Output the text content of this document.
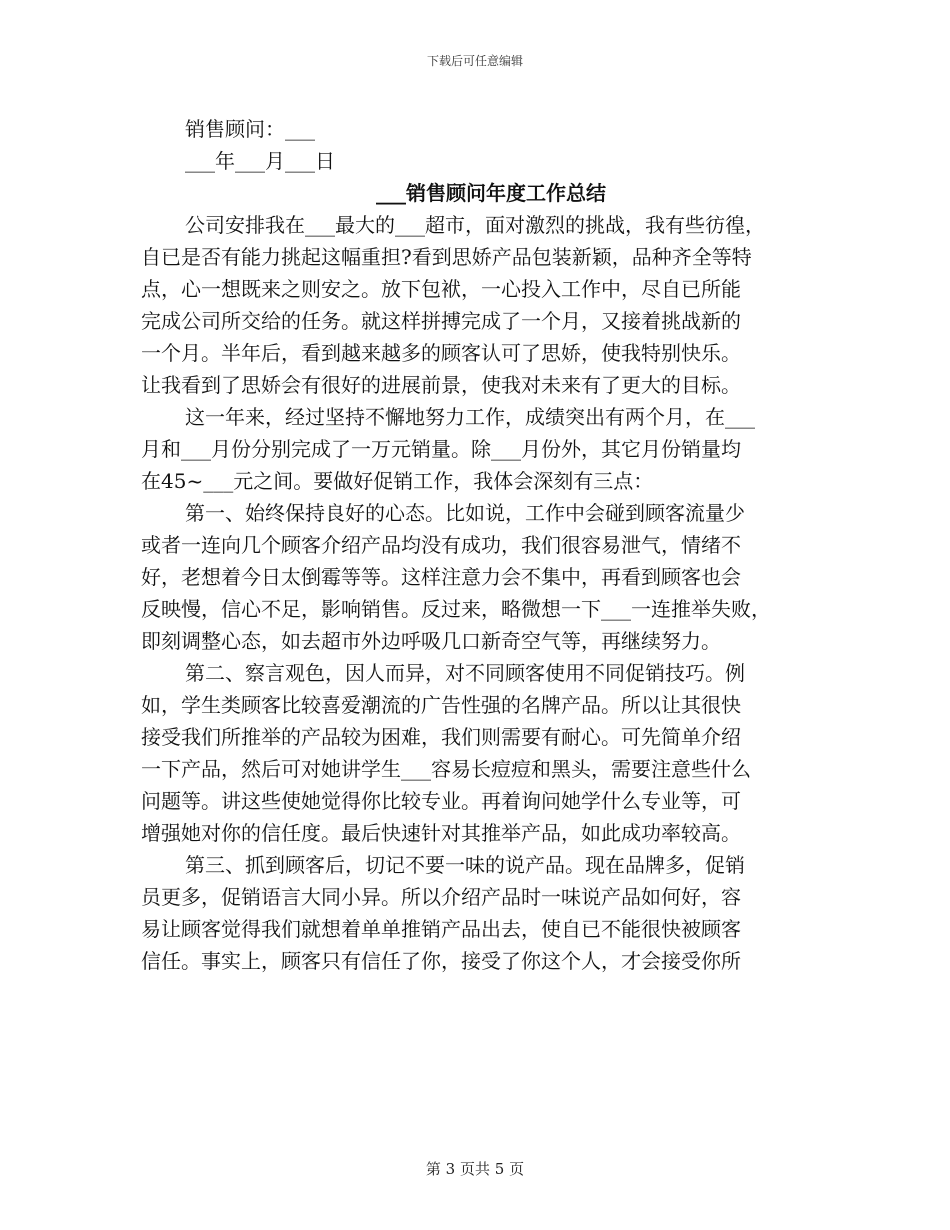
下载后可任意编辑
销售顾问：___
___年___月___日
___销售顾问年度工作总结
公司安排我在___最大的___超市，面对激烈的挑战，我有些彷徨，
自已是否有能力挑起这幅重担?看到思娇产品包装新颖，品种齐全等特
点，心一想既来之则安之。放下包袱，一心投入工作中，尽自已所能
完成公司所交给的任务。就这样拼搏完成了一个月，又接着挑战新的
一个月。半年后，看到越来越多的顾客认可了思娇，使我特别快乐。
让我看到了思娇会有很好的进展前景，使我对未来有了更大的目标。
这一年来，经过坚持不懈地努力工作，成绩突出有两个月，在___
月和___月份分别完成了一万元销量。除___月份外，其它月份销量均
在45~___元之间。要做好促销工作，我体会深刻有三点：
第一、始终保持良好的心态。比如说，工作中会碰到顾客流量少
或者一连向几个顾客介绍产品均没有成功，我们很容易泄气，情绪不
好，老想着今日太倒霉等等。这样注意力会不集中，再看到顾客也会
反映慢，信心不足，影响销售。反过来，略微想一下___一连推举失败，
即刻调整心态，如去超市外边呼吸几口新奇空气等，再继续努力。
第二、察言观色，因人而异，对不同顾客使用不同促销技巧。例
如，学生类顾客比较喜爱潮流的广告性强的名牌产品。所以让其很快
接受我们所推举的产品较为困难，我们则需要有耐心。可先简单介绍
一下产品，然后可对她讲学生___容易长痘痘和黑头，需要注意些什么
问题等。讲这些使她觉得你比较专业。再着询问她学什么专业等，可
增强她对你的信任度。最后快速针对其推举产品，如此成功率较高。
第三、抓到顾客后，切记不要一味的说产品。现在品牌多，促销
员更多，促销语言大同小异。所以介绍产品时一味说产品如何好，容
易让顾客觉得我们就想着单单推销产品出去，使自已不能很快被顾客
信任。事实上，顾客只有信任了你，接受了你这个人，才会接受你所
第 3 页共 5 页
